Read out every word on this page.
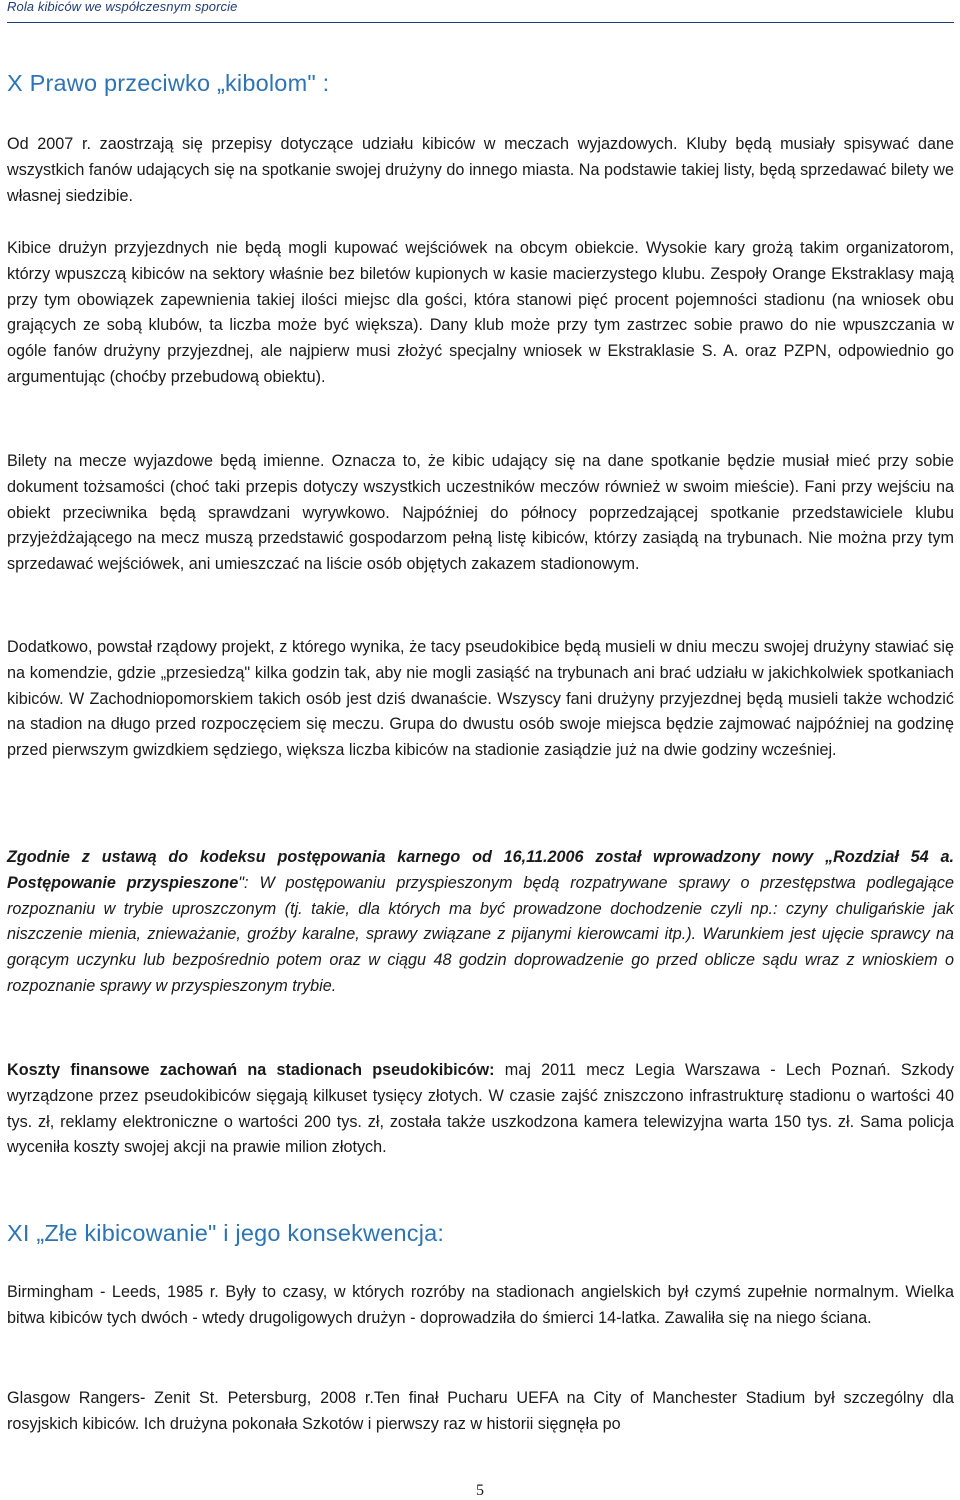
Rola kibiców we współczesnym sporcie
X Prawo przeciwko „kibolom" :

Od 2007 r. zaostrzają się przepisy dotyczące udziału kibiców w meczach wyjazdowych. Kluby będą musiały spisywać dane wszystkich fanów udających się na spotkanie swojej drużyny do innego miasta. Na podstawie takiej listy, będą sprzedawać bilety we własnej siedzibie.

Kibice drużyn przyjezdnych nie będą mogli kupować wejściówek na obcym obiekcie. Wysokie kary grożą takim organizatorom, którzy wpuszczą kibiców na sektory właśnie bez biletów kupionych w kasie macierzystego klubu. Zespoły Orange Ekstraklasy mają przy tym obowiązek zapewnienia takiej ilości miejsc dla gości, która stanowi pięć procent pojemności stadionu (na wniosek obu grających ze sobą klubów, ta liczba może być większa). Dany klub może przy tym zastrzec sobie prawo do nie wpuszczania w ogóle fanów drużyny przyjezdnej, ale najpierw musi złożyć specjalny wniosek w Ekstraklasie S. A. oraz PZPN, odpowiednio go argumentując (choćby przebudową obiektu).

Bilety na mecze wyjazdowe będą imienne. Oznacza to, że kibic udający się na dane spotkanie będzie musiał mieć przy sobie dokument tożsamości (choć taki przepis dotyczy wszystkich uczestników meczów również w swoim mieście). Fani przy wejściu na obiekt przeciwnika będą sprawdzani wyrywkowo. Najpóźniej do północy poprzedzającej spotkanie przedstawiciele klubu przyjeżdżającego na mecz muszą przedstawić gospodarzom pełną listę kibiców, którzy zasiądą na trybunach. Nie można przy tym sprzedawać wejściówek, ani umieszczać na liście osób objętych zakazem stadionowym.

Dodatkowo, powstał rządowy projekt, z którego wynika, że tacy pseudokibice będą musieli w dniu meczu swojej drużyny stawiać się na komendzie, gdzie „przesiedzą" kilka godzin tak, aby nie mogli zasiąść na trybunach ani brać udziału w jakichkolwiek spotkaniach kibiców. W Zachodniopomorskiem takich osób jest dziś dwanaście. Wszyscy fani drużyny przyjezdnej będą musieli także wchodzić na stadion na długo przed rozpoczęciem się meczu. Grupa do dwustu osób swoje miejsca będzie zajmować najpóźniej na godzinę przed pierwszym gwizdkiem sędziego, większa liczba kibiców na stadionie zasiądzie już na dwie godziny wcześniej.

Zgodnie z ustawą do kodeksu postępowania karnego od 16,11.2006 został wprowadzony nowy „Rozdział 54 a. Postępowanie przyspieszone": W postępowaniu przyspieszonym będą rozpatrywane sprawy o przestępstwa podlegające rozpoznaniu w trybie uproszczonym (tj. takie, dla których ma być prowadzone dochodzenie czyli np.: czyny chuligańskie jak niszczenie mienia, znieważanie, groźby karalne, sprawy związane z pijanymi kierowcami itp.). Warunkiem jest ujęcie sprawcy na gorącym uczynku lub bezpośrednio potem oraz w ciągu 48 godzin doprowadzenie go przed oblicze sądu wraz z wnioskiem o rozpoznanie sprawy w przyspieszonym trybie.

Koszty finansowe zachowań na stadionach pseudokibiców: maj 2011 mecz Legia Warszawa - Lech Poznań. Szkody wyrządzone przez pseudokibiców sięgają kilkuset tysięcy złotych. W czasie zajść zniszczono infrastrukturę stadionu o wartości 40 tys. zł, reklamy elektroniczne o wartości 200 tys. zł, została także uszkodzona kamera telewizyjna warta 150 tys. zł. Sama policja wyceniła koszty swojej akcji na prawie milion złotych.

XI „Złe kibicowanie" i jego konsekwencja:

Birmingham - Leeds, 1985 r. Były to czasy, w których rozróby na stadionach angielskich był czymś zupełnie normalnym. Wielka bitwa kibiców tych dwóch - wtedy drugoligowych drużyn - doprowadziła do śmierci 14-latka. Zawaliła się na niego ściana.

Glasgow Rangers- Zenit St. Petersburg, 2008 r.Ten finał Pucharu UEFA na City of Manchester Stadium był szczególny dla rosyjskich kibiców. Ich drużyna pokonała Szkotów i pierwszy raz w historii sięgnęła po

5
